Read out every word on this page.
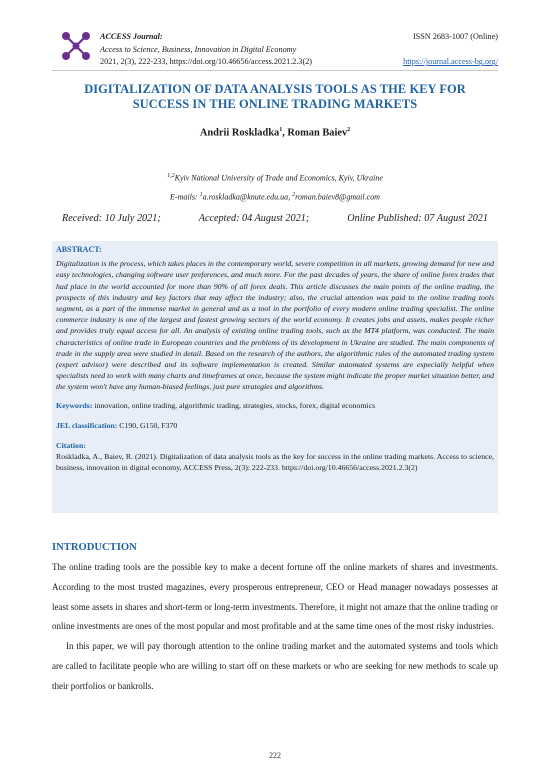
ACCESS Journal:
Access to Science, Business, Innovation in Digital Economy
2021, 2(3), 222-233, https://doi.org/10.46656/access.2021.2.3(2)
ISSN 2683-1007 (Online)

https://journal.access-bg.org/
DIGITALIZATION OF DATA ANALYSIS TOOLS AS THE KEY FOR
SUCCESS IN THE ONLINE TRADING MARKETS
Andrii Roskladka$^1$, Roman Baiev$^2$
$^{1,2}$Kyiv National University of Trade and Economics, Kyiv, Ukraine
E-mails: $^1$a.roskladka@knute.edu.ua, $^2$roman.baiev8@gmail.com
Received: 10 July 2021;	Accepted: 04 August 2021;	Online Published: 07 August 2021
ABSTRACT:
Digitalization is the process, which takes places in the contemporary world, severe competition in all markets, growing demand for new and easy technologies, changing software user preferences, and much more. For the past decades of years, the share of online forex trades that had place in the world accounted for more than 90% of all forex deals. This article discusses the main points of the online trading, the prospects of this industry and key factors that may affect the industry; also, the crucial attention was paid to the online trading tools segment, as a part of the immense market in general and as a tool in the portfolio of every modern online trading specialist. The online commerce industry is one of the largest and fastest growing sectors of the world economy. It creates jobs and assets, makes people richer and provides truly equal access for all. An analysis of existing online trading tools, such as the MT4 platform, was conducted. The main characteristics of online trade in European countries and the problems of its development in Ukraine are studied. The main components of trade in the supply area were studied in detail. Based on the research of the authors, the algorithmic rules of the automated trading system (expert advisor) were described and its software implementation is created. Similar automated systems are especially helpful when specialists need to work with many charts and timeframes at once, because the system might indicate the proper market situation better, and the system won't have any human-biased feelings, just pure strategies and algorithms.
Keywords: innovation, online trading, algorithmic trading, strategies, stocks, forex, digital economics
JEL classification: C190, G150, F370
Citation:
Roskladka, A., Baiev, R. (2021). Digitalization of data analysis tools as the key for success in the online trading markets. Access to science, business, innovation in digital economy, ACCESS Press, 2(3): 222-233. https://doi.org/10.46656/access.2021.2.3(2)
INTRODUCTION

The online trading tools are the possible key to make a decent fortune off the online markets of shares and investments. According to the most trusted magazines, every prosperous entrepreneur, CEO or Head manager nowadays possesses at least some assets in shares and short-term or long-term investments. Therefore, it might not amaze that the online trading or online investments are ones of the most popular and most profitable and at the same time ones of the most risky industries.

In this paper, we will pay thorough attention to the online trading market and the automated systems and tools which are called to facilitate people who are willing to start off on these markets or who are seeking for new methods to scale up their portfolios or bankrolls.

222
